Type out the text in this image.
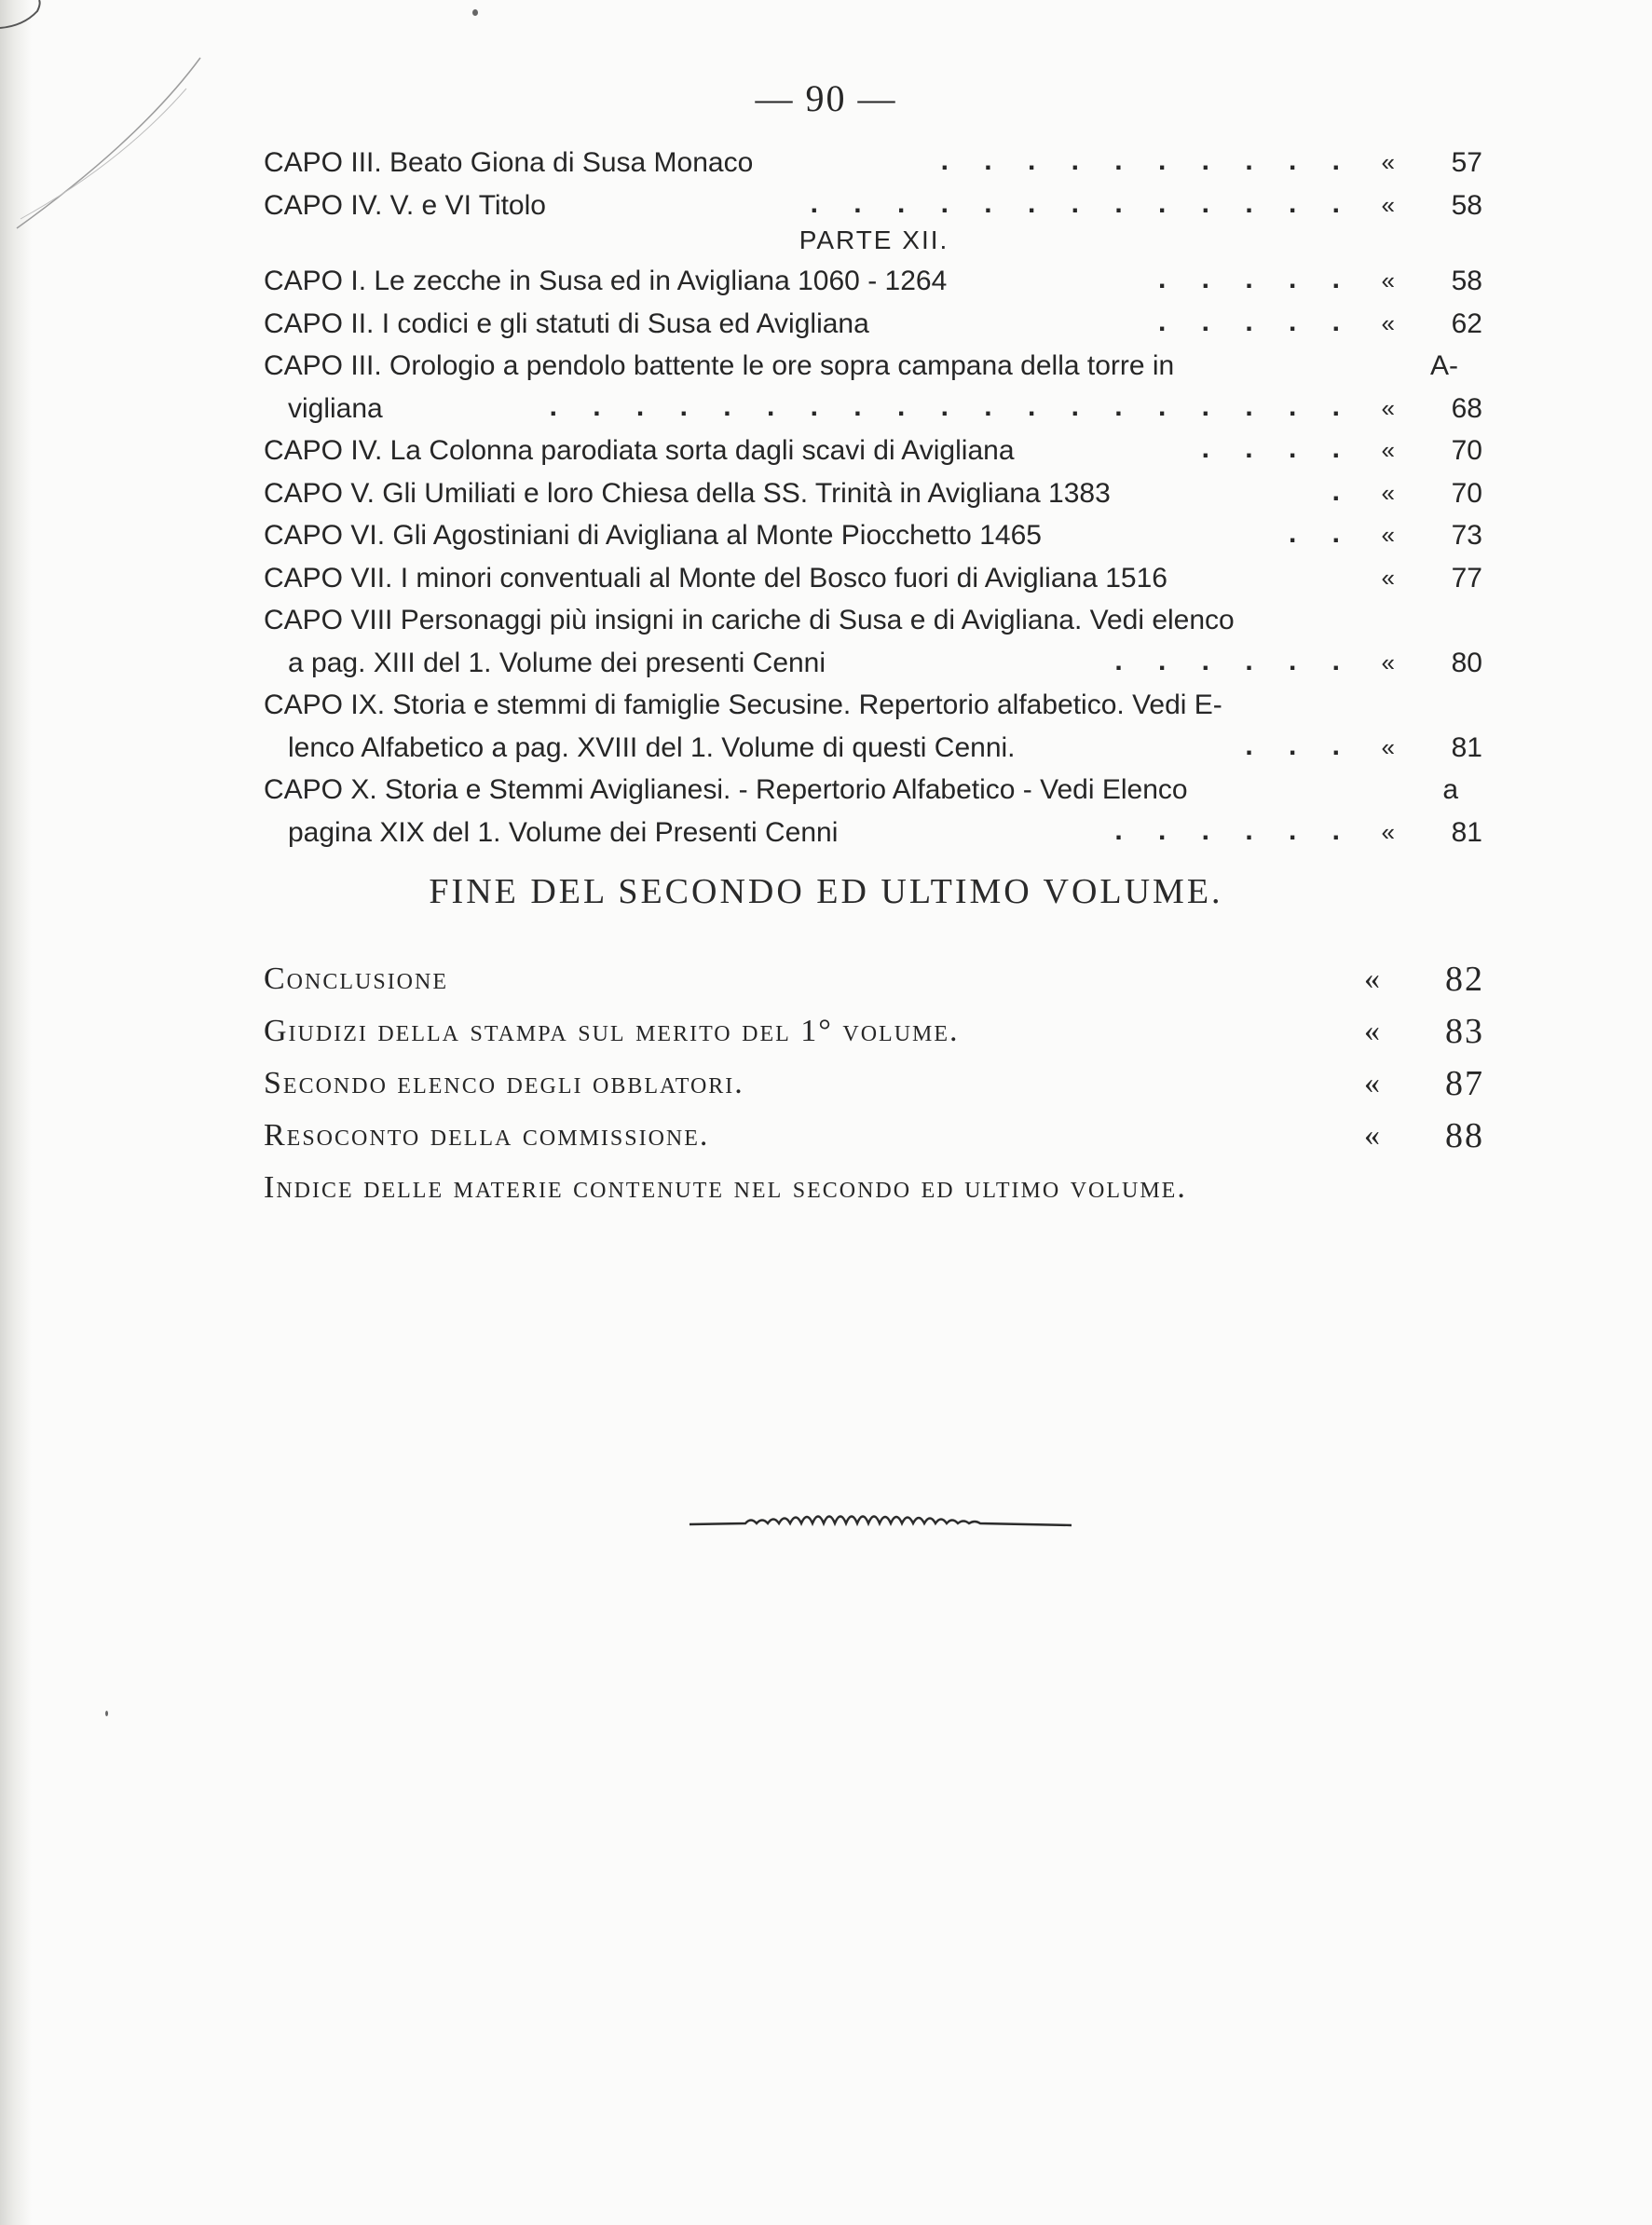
— 90 —
CAPO III. Beato Giona di Susa Monaco	. . . . . . . . . . «	57
CAPO IV. V. e VI Titolo	. . . . . . . . . . . . . «	58
PARTE XII.
CAPO I. Le zecche in Susa ed in Avigliana 1060 - 1264	. . . . . «	58
CAPO II. I codici e gli statuti di Susa ed Avigliana	. . . . . «	62
CAPO III. Orologio a pendolo battente le ore sopra campana della torre in	A-
vigliana	. . . . . . . . . . . . . . . . . . . «	68
CAPO IV. La Colonna parodiata sorta dagli scavi di Avigliana	. . . . «	70
CAPO V. Gli Umiliati e loro Chiesa della SS. Trinità in Avigliana 1383	. «	70
CAPO VI. Gli Agostiniani di Avigliana al Monte Piocchetto 1465	. . «	73
CAPO VII. I minori conventuali al Monte del Bosco fuori di Avigliana 1516	«	77
CAPO VIII Personaggi più insigni in cariche di Susa e di Avigliana. Vedi elenco
a pag. XIII del 1. Volume dei presenti Cenni	. . . . . . «	80
CAPO IX. Storia e stemmi di famiglie Secusine. Repertorio alfabetico. Vedi E-
lenco Alfabetico a pag. XVIII del 1. Volume di questi Cenni.	. . . «	81
CAPO X. Storia e Stemmi Aviglianesi. - Repertorio Alfabetico - Vedi Elenco	a
pagina XIX del 1. Volume dei Presenti Cenni	. . . . . . «	81
FINE DEL SECONDO ED ULTIMO VOLUME.
Conclusione	«	82
Giudizi della stampa sul merito del 1° volume.	«	83
Secondo elenco degli obblatori.	«	87
Resoconto della commissione.	«	88
Indice delle materie contenute nel secondo ed ultimo volume.
